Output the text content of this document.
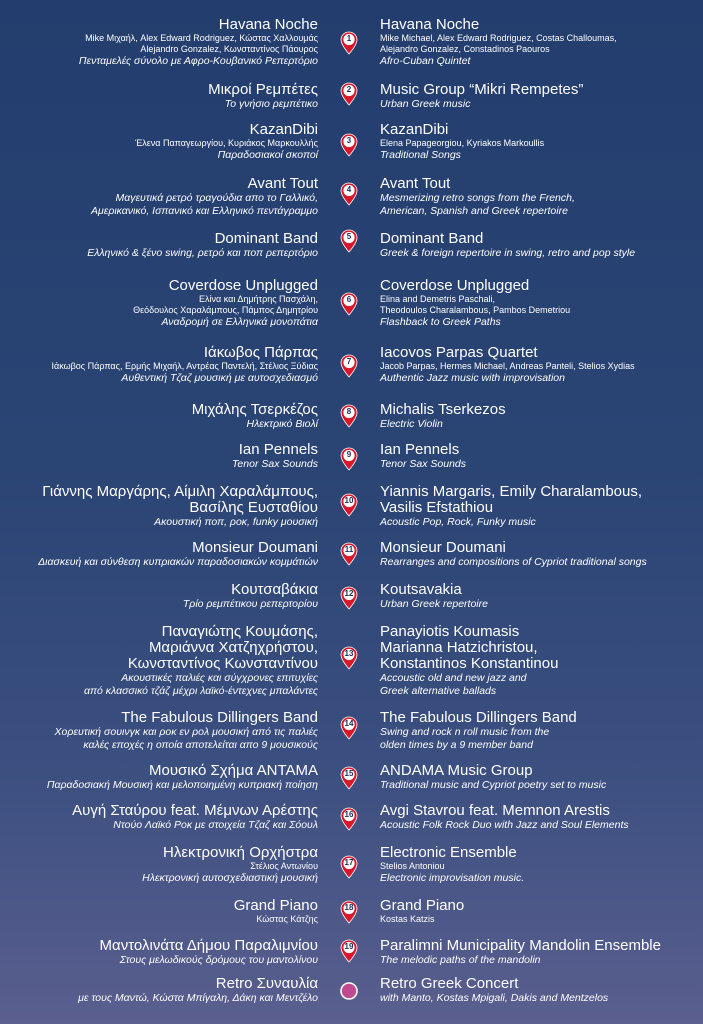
Havana Noche
Mike Μιχαήλ, Alex Edward Rodriguez, Κώστας Χαλλουμάς
Alejandro Gonzalez, Κωνσταντίνος Πάουρος
Πενταμελές σύνολο με Αφρο-Κουβανικό Ρεπερτόριο
Havana Noche
Mike Michael, Alex Edward Rodriguez, Costas Challoumas,
Alejandro Gonzalez, Constadinos Paouros
Afro-Cuban Quintet
1
Μικροί Ρεμπέτες
Το γνήσιο ρεμπέτικο
Music Group “Mikri Rempetes”
Urban Greek music
2
KazanDibi
Έλενα Παπαγεωργίου, Κυριάκος Μαρκουλλής
Παραδοσιακοί σκοποί
KazanDibi
Elena Papageorgiou, Kyriakos Markoullis
Traditional Songs
3
Avant Tout
Μαγευτικά ρετρό τραγούδια απο το Γαλλικό,
Αμερικανικό, Ισπανικό και Ελληνικό πεντάγραμμο
Avant Tout
Mesmerizing retro songs from the French,
American, Spanish and Greek repertoire
4
Dominant Band
Ελληνικό & ξένο swing, ρετρό και ποπ ρεπερτόριο
Dominant Band
Greek & foreign repertoire in swing, retro and pop style
5
Coverdose Unplugged
Ελίνα και Δημήτρης Πασχάλη,
Θεόδουλος Χαραλάμπους, Πάμπος Δημητρίου
Αναδρομή σε Ελληνικά μονοπάτια
Coverdose Unplugged
Elina and Demetris Paschali,
Theodoulos Charalambous, Pambos Demetriou
Flashback to Greek Paths
6
Ιάκωβος Πάρπας
Ιάκωβος Πάρπας, Ερμής Μιχαήλ, Αντρέας Παντελή, Στέλιος Ξύδιας
Αυθεντική Τζαζ μουσική με αυτοσχεδιασμό
Iacovos Parpas Quartet
Jacob Parpas, Hermes Michael, Andreas Panteli, Stelios Xydias
Authentic Jazz music with improvisation
7
Μιχάλης Τσερκέζος
Ηλεκτρικό Βιολί
Michalis Tserkezos
Electric Violin
8
Ian Pennels
Tenor Sax Sounds
Ian Pennels
Tenor Sax Sounds
9
Γιάννης Μαργάρης, Αίμιλη Χαραλάμπους,
Βασίλης Ευσταθίου
Ακουστική ποπ, ροκ, funky μουσική
Yiannis Margaris, Emily Charalambous,
Vasilis Efstathiou
Acoustic Pop, Rock, Funky music
10
Monsieur Doumani
Διασκευή και σύνθεση κυπριακών παραδοσιακών κομμάτιών
Monsieur Doumani
Rearranges and compositions of Cypriot traditional songs
11
Κουτσαβάκια
Τρίο ρεμπέτικου ρεπερτορίου
Koutsavakia
Urban Greek repertoire
12
Παναγιώτης Κουμάσης,
Μαριάννα Χατζηχρήστου,
Κωνσταντίνος Κωνσταντίνου
Ακουστικές παλιές και σύγχρονες επιτυχίες
από κλασσικό τζάζ μέχρι λαϊκό-έντεχνες μπαλάντες
Panayiotis Koumasis
Marianna Hatzichristou,
Konstantinos Konstantinou
Accoustic old and new jazz and
Greek alternative ballads
13
The Fabulous Dillingers Band
Χορευτική σουινγκ και ροκ εν ρολ μουσική από τις παλιές
καλές εποχές η οποία αποτελείται απο 9 μουσικούς
The Fabulous Dillingers Band
Swing and rock n roll music from the
olden times by a 9 member band
14
Μουσικό Σχήμα ΑΝΤΑΜΑ
Παραδοσιακή Μουσική και μελοποιημένη κυπριακή ποίηση
ANDAMA Music Group
Traditional music and Cypriot poetry set to music
15
Αυγή Σταύρου feat. Μέμνων Αρέστης
Ντούο Λαϊκό Ροκ με στοιχεία Τζαζ και Σόουλ
Avgi Stavrou feat. Memnon Arestis
Acoustic Folk Rock Duo with Jazz and Soul Elements
16
Ηλεκτρονική Ορχήστρα
Στέλιος Αντωνίου
Ηλεκτρονική αυτοσχεδιαστική μουσική
Electronic Ensemble
Stelios Antoniou
Electronic improvisation music.
17
Grand Piano
Κώστας Κάτζης
Grand Piano
Kostas Katzis
18
Μαντολινάτα Δήμου Παραλιμνίου
Στους μελωδικούς δρόμους του μαντολίνου
Paralimni Municipality Mandolin Ensemble
The melodic paths of the mandolin
19
Retro Συναυλία
με τους Μαντώ, Κώστα Μπίγαλη, Δάκη και Μεντζέλο
Retro Greek Concert
with Manto, Kostas Mpigali, Dakis and Mentzelos
